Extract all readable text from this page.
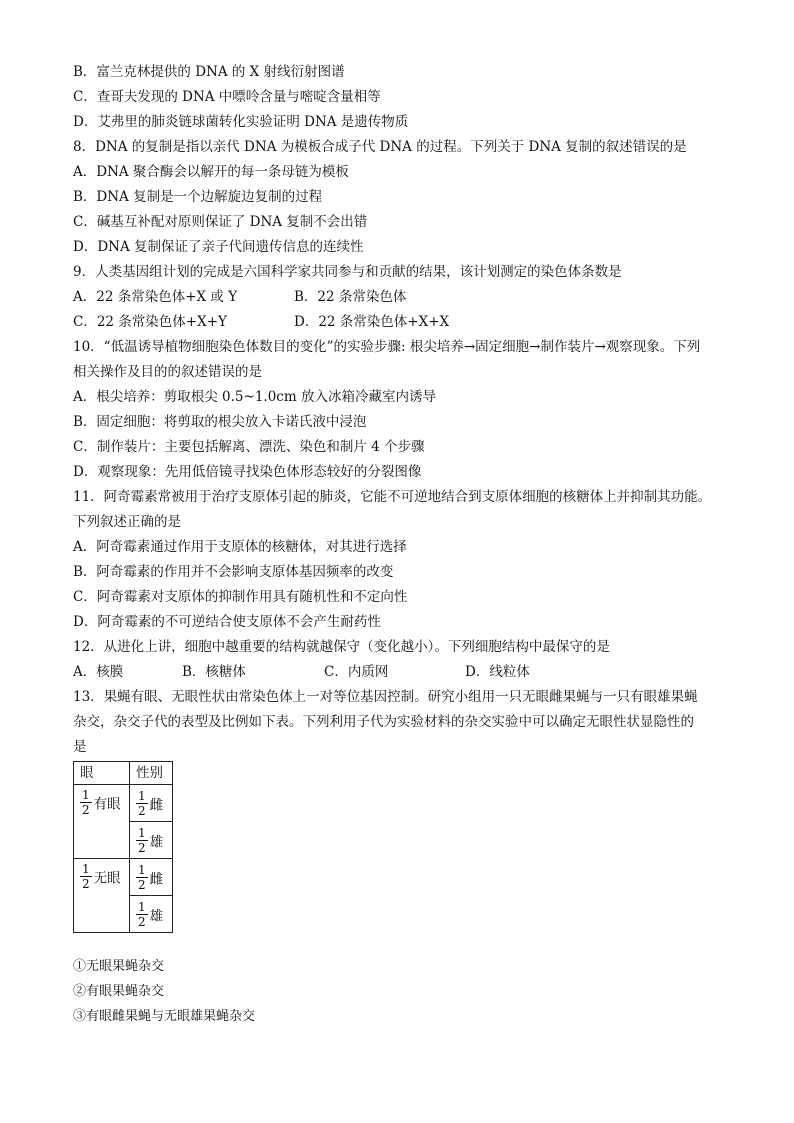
B．富兰克林提供的 DNA 的 X 射线衍射图谱
C．查哥夫发现的 DNA 中嘌呤含量与嘧啶含量相等
D．艾弗里的肺炎链球菌转化实验证明 DNA 是遗传物质
8．DNA 的复制是指以亲代 DNA 为模板合成子代 DNA 的过程。下列关于 DNA 复制的叙述错误的是
A．DNA 聚合酶会以解开的每一条母链为模板
B．DNA 复制是一个边解旋边复制的过程
C．碱基互补配对原则保证了 DNA 复制不会出错
D．DNA 复制保证了亲子代间遗传信息的连续性
9．人类基因组计划的完成是六国科学家共同参与和贡献的结果，该计划测定的染色体条数是
A．22 条常染色体+X 或 Y	B．22 条常染色体
C．22 条常染色体+X+Y	D．22 条常染色体+X+X
10．“低温诱导植物细胞染色体数目的变化”的实验步骤: 根尖培养→固定细胞→制作装片→观察现象。下列
相关操作及目的的叙述错误的是
A．根尖培养：剪取根尖 0.5~1.0cm 放入冰箱冷藏室内诱导
B．固定细胞：将剪取的根尖放入卡诺氏液中浸泡
C．制作装片：主要包括解离、漂洗、染色和制片 4 个步骤
D．观察现象：先用低倍镜寻找染色体形态较好的分裂图像
11．阿奇霉素常被用于治疗支原体引起的肺炎，它能不可逆地结合到支原体细胞的核糖体上并抑制其功能。
下列叙述正确的是
A．阿奇霉素通过作用于支原体的核糖体，对其进行选择
B．阿奇霉素的作用并不会影响支原体基因频率的改变
C．阿奇霉素对支原体的抑制作用具有随机性和不定向性
D．阿奇霉素的不可逆结合使支原体不会产生耐药性
12．从进化上讲，细胞中越重要的结构就越保守（变化越小）。下列细胞结构中最保守的是
A．核膜	B．核糖体	C．内质网	D．线粒体
13．果蝇有眼、无眼性状由常染色体上一对等位基因控制。研究小组用一只无眼雌果蝇与一只有眼雄果蝇
杂交，杂交子代的表型及比例如下表。下列利用子代为实验材料的杂交实验中可以确定无眼性状显隐性的
是
眼	性别

$\frac{1}{2}$ 有眼	$\frac{1}{2}$ 雌

	$\frac{1}{2}$ 雄

$\frac{1}{2}$ 无眼	$\frac{1}{2}$ 雌

	$\frac{1}{2}$ 雄
①无眼果蝇杂交
②有眼果蝇杂交
③有眼雌果蝇与无眼雄果蝇杂交
